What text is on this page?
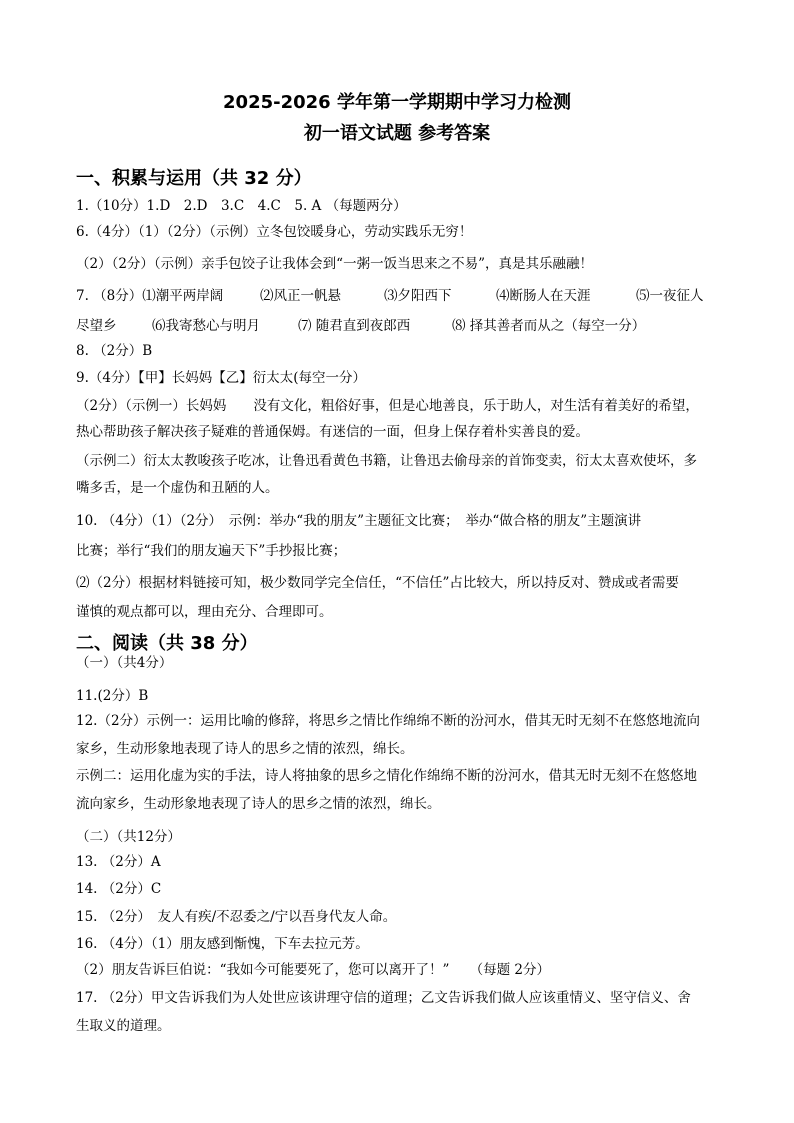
2025-2026 学年第一学期期中学习力检测
初一语文试题 参考答案
一、积累与运用（共 32 分）
1.（10分）1.D　2.D　3.C　4.C　5. A （每题两分）
6.（4分）（1）（2分）（示例）立冬包饺暖身心，劳动实践乐无穷！
（2）（2分）（示例）亲手包饺子让我体会到“一粥一饭当思来之不易”，真是其乐融融！
7. （8分）⑴潮平两岸阔	⑵风正一帆悬	⑶夕阳西下	⑷断肠人在天涯	⑸一夜征人
尽望乡	⑹我寄愁心与明月	⑺ 随君直到夜郎西	⑻ 择其善者而从之（每空一分）
8. （2分）B
9.（4分）【甲】长妈妈【乙】衍太太(每空一分）
（2分）（示例一）长妈妈　　没有文化，粗俗好事，但是心地善良，乐于助人，对生活有着美好的希望，
热心帮助孩子解决孩子疑难的普通保姆。有迷信的一面，但身上保存着朴实善良的爱。
（示例二）衍太太教唆孩子吃冰，让鲁迅看黄色书籍，让鲁迅去偷母亲的首饰变卖，衍太太喜欢使坏，多
嘴多舌，是一个虚伪和丑陋的人。
10. （4分）（1）（2分）　示例：举办“我的朋友”主题征文比赛；　举办“做合格的朋友”主题演讲
比赛；举行“我们的朋友遍天下”手抄报比赛；
⑵（2分）根据材料链接可知，极少数同学完全信任，“不信任”占比较大，所以持反对、赞成或者需要
谨慎的观点都可以，理由充分、合理即可。
二、阅读（共 38 分）
（一）（共4分）
11.(2分）B
12.（2分）示例一：运用比喻的修辞，将思乡之情比作绵绵不断的汾河水，借其无时无刻不在悠悠地流向
家乡，生动形象地表现了诗人的思乡之情的浓烈，绵长。
示例二：运用化虚为实的手法，诗人将抽象的思乡之情化作绵绵不断的汾河水，借其无时无刻不在悠悠地
流向家乡，生动形象地表现了诗人的思乡之情的浓烈，绵长。
（二）（共12分）
13. （2分）A
14. （2分）C
15. （2分）　友人有疾/不忍委之/宁以吾身代友人命。
16. （4分）（1）朋友感到惭愧，下车去拉元芳。
（2）朋友告诉巨伯说：“我如今可能要死了，您可以离开了！”　　（每题 2分）
17. （2分）甲文告诉我们为人处世应该讲理守信的道理；乙文告诉我们做人应该重情义、坚守信义、舍
生取义的道理。
